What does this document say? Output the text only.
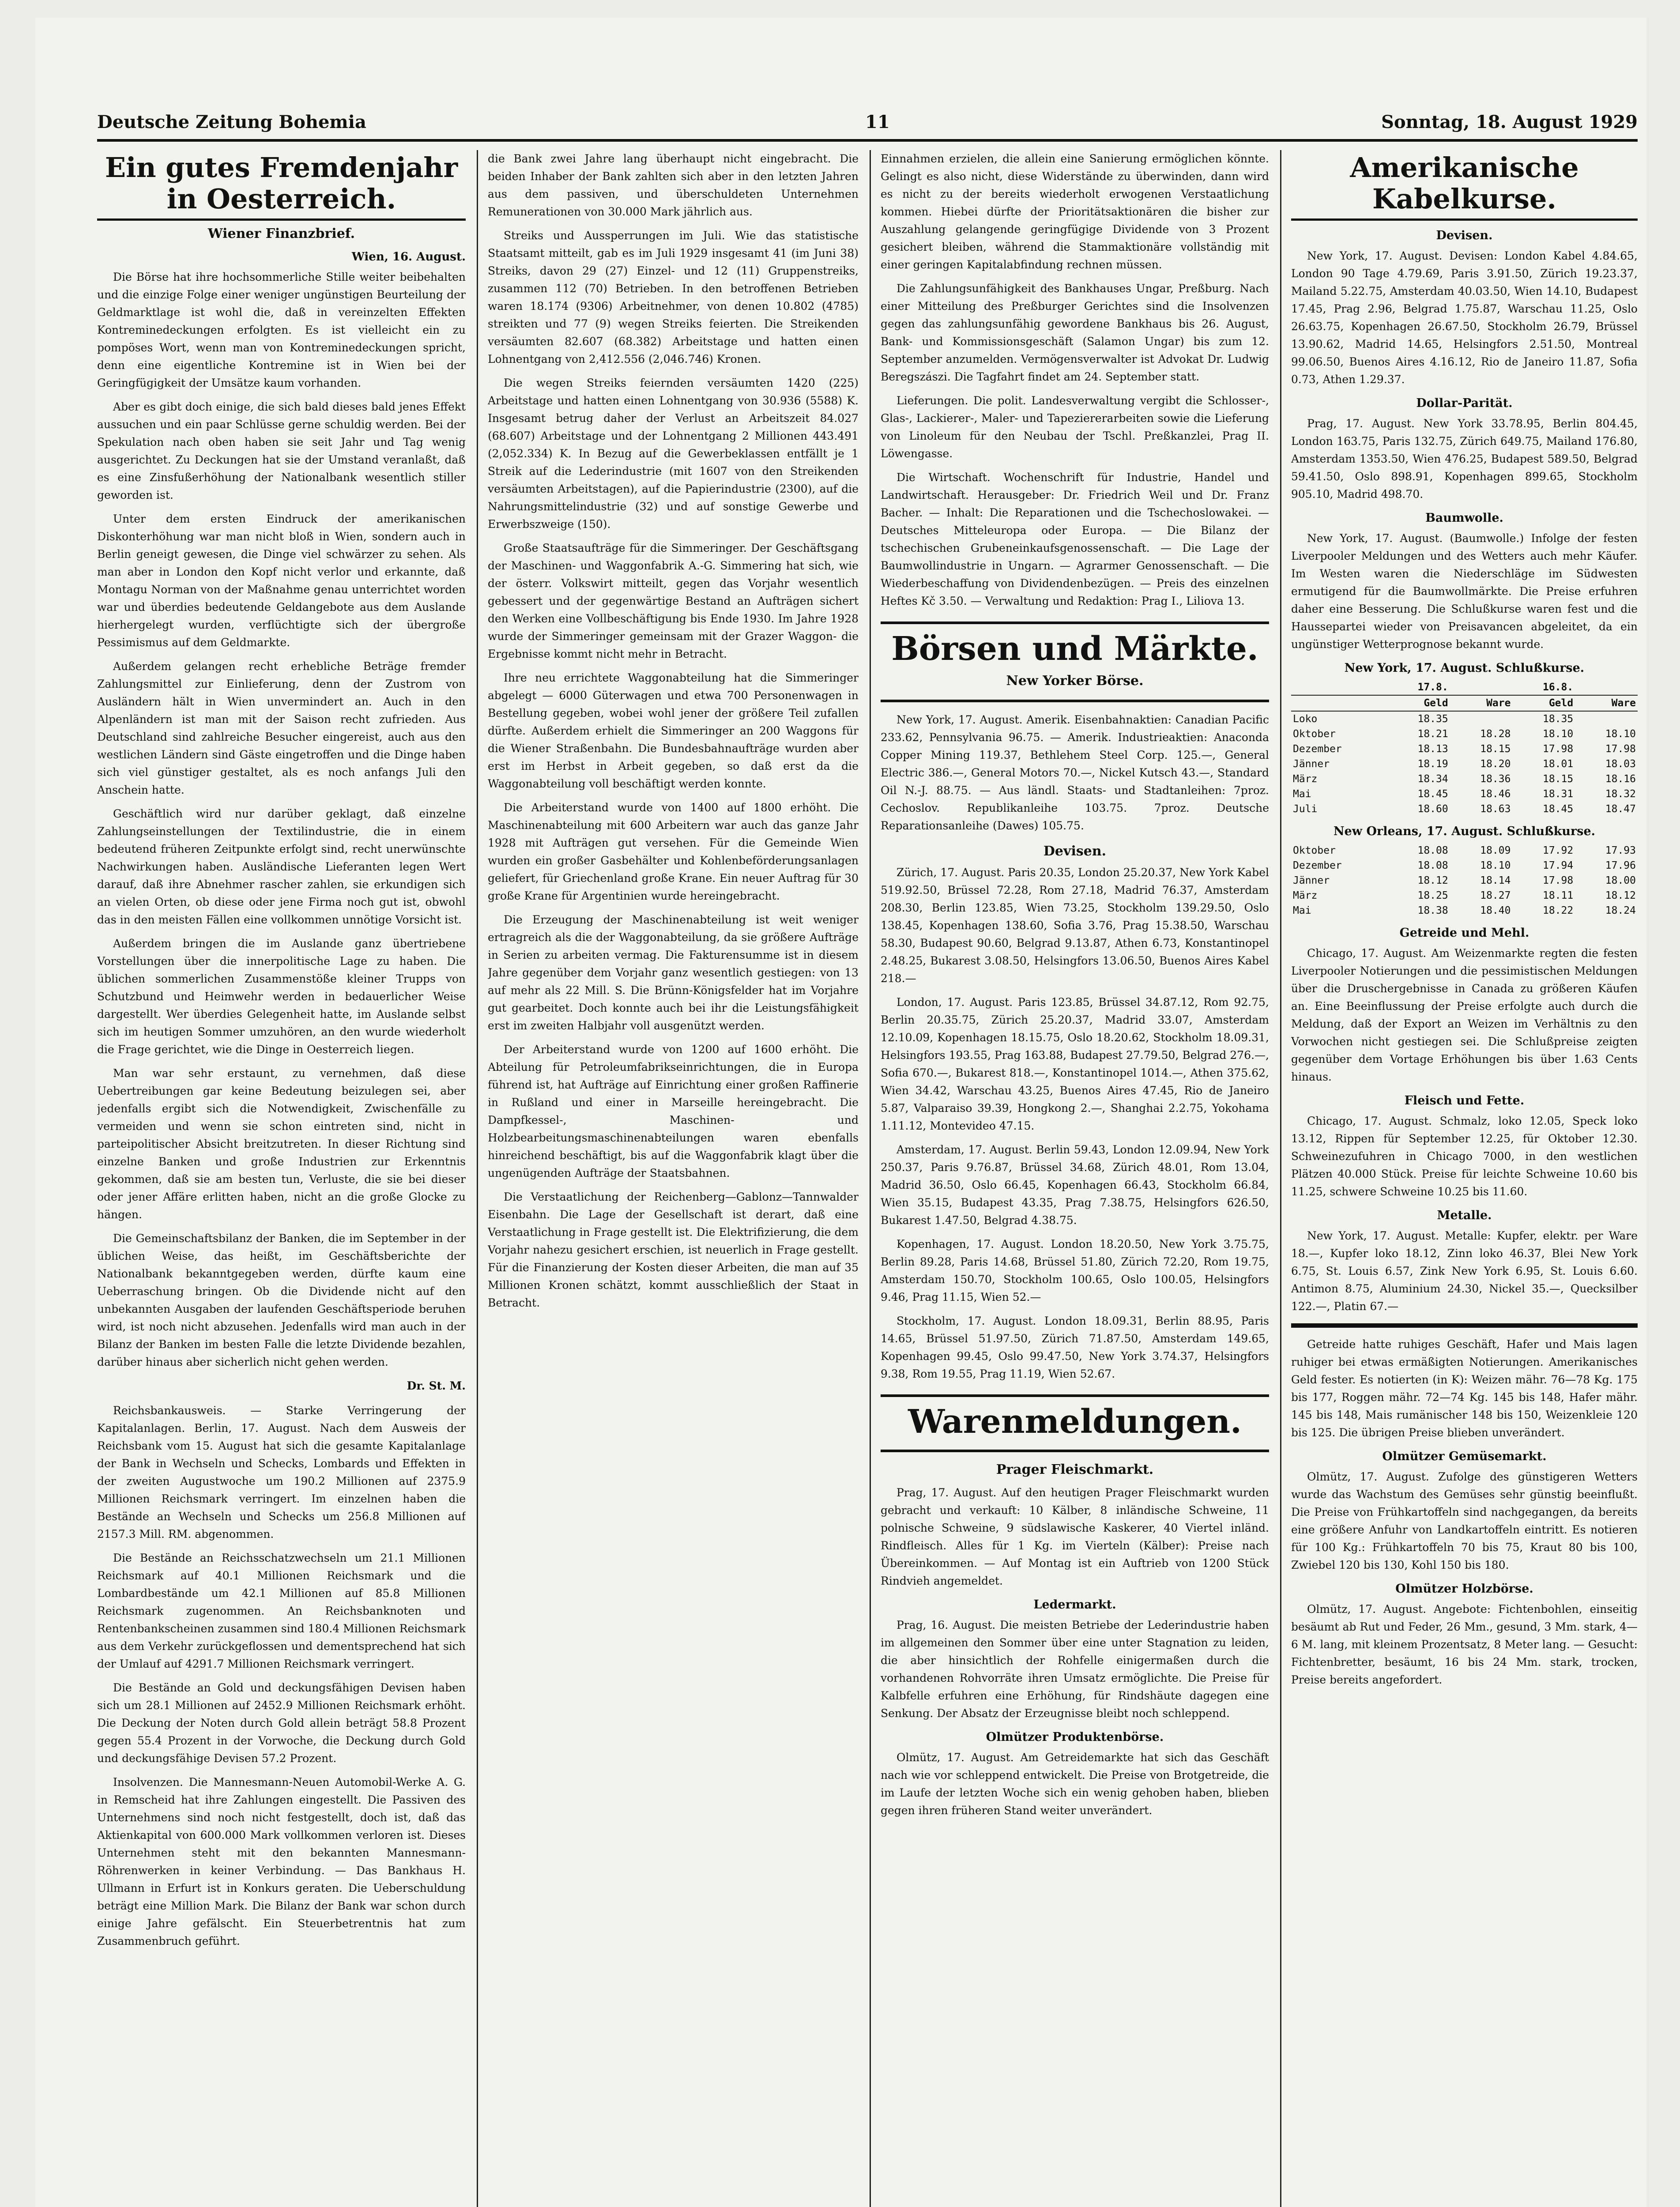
Deutsche Zeitung Bohemia	11	Sonntag, 18. August 1929
Ein gutes Fremdenjahr in Oesterreich.
Wiener Finanzbrief.
Wien, 16. August.

Die Börse hat ihre hochsommerliche Stille weiter beibehalten und die einzige Folge einer weniger ungünstigen Beurteilung der Geldmarktlage ist wohl die, daß in vereinzelten Effekten Kontreminedeckungen erfolgten. Es ist vielleicht ein zu pompöses Wort, wenn man von Kontreminedeckungen spricht, denn eine eigentliche Kontremine ist in Wien bei der Geringfügigkeit der Umsätze kaum vorhanden.

Aber es gibt doch einige, die sich bald dieses bald jenes Effekt aussuchen und ein paar Schlüsse gerne schuldig werden. Bei der Spekulation nach oben haben sie seit Jahr und Tag wenig ausgerichtet. Zu Deckungen hat sie der Umstand veranlaßt, daß es eine Zinsfußerhöhung der Nationalbank wesentlich stiller geworden ist.

Unter dem ersten Eindruck der amerikanischen Diskonterhöhung war man nicht bloß in Wien, sondern auch in Berlin geneigt gewesen, die Dinge viel schwärzer zu sehen. Als man aber in London den Kopf nicht verlor und erkannte, daß Montagu Norman von der Maßnahme genau unterrichtet worden war und überdies bedeutende Geldangebote aus dem Auslande hierhergelegt wurden, verflüchtigte sich der übergroße Pessimismus auf dem Geldmarkte.

Außerdem gelangen recht erhebliche Beträge fremder Zahlungsmittel zur Einlieferung, denn der Zustrom von Ausländern hält in Wien unvermindert an. Auch in den Alpenländern ist man mit der Saison recht zufrieden. Aus Deutschland sind zahlreiche Besucher eingereist, auch aus den westlichen Ländern sind Gäste eingetroffen und die Dinge haben sich viel günstiger gestaltet, als es noch anfangs Juli den Anschein hatte.

Geschäftlich wird nur darüber geklagt, daß einzelne Zahlungseinstellungen der Textilindustrie, die in einem bedeutend früheren Zeitpunkte erfolgt sind, recht unerwünschte Nachwirkungen haben. Ausländische Lieferanten legen Wert darauf, daß ihre Abnehmer rascher zahlen, sie erkundigen sich an vielen Orten, ob diese oder jene Firma noch gut ist, obwohl das in den meisten Fällen eine vollkommen unnötige Vorsicht ist.

Außerdem bringen die im Auslande ganz übertriebene Vorstellungen über die innerpolitische Lage zu haben. Die üblichen sommerlichen Zusammenstöße kleiner Trupps von Schutzbund und Heimwehr werden in bedauerlicher Weise dargestellt. Wer überdies Gelegenheit hatte, im Auslande selbst sich im heutigen Sommer umzuhören, an den wurde wiederholt die Frage gerichtet, wie die Dinge in Oesterreich liegen.

Man war sehr erstaunt, zu vernehmen, daß diese Uebertreibungen gar keine Bedeutung beizulegen sei, aber jedenfalls ergibt sich die Notwendigkeit, Zwischenfälle zu vermeiden und wenn sie schon eintreten sind, nicht in parteipolitischer Absicht breitzutreten. In dieser Richtung sind einzelne Banken und große Industrien zur Erkenntnis gekommen, daß sie am besten tun, Verluste, die sie bei dieser oder jener Affäre erlitten haben, nicht an die große Glocke zu hängen.

Die Gemeinschaftsbilanz der Banken, die im September in der üblichen Weise, das heißt, im Geschäftsberichte der Nationalbank bekanntgegeben werden, dürfte kaum eine Ueberraschung bringen. Ob die Dividende nicht auf den unbekannten Ausgaben der laufenden Geschäftsperiode beruhen wird, ist noch nicht abzusehen. Jedenfalls wird man auch in der Bilanz der Banken im besten Falle die letzte Dividende bezahlen, darüber hinaus aber sicherlich nicht gehen werden.

Dr. St. M.

Reichsbankausweis. — Starke Verringerung der Kapitalanlagen. Berlin, 17. August. Nach dem Ausweis der Reichsbank vom 15. August hat sich die gesamte Kapitalanlage der Bank in Wechseln und Schecks, Lombards und Effekten in der zweiten Augustwoche um 190.2 Millionen auf 2375.9 Millionen Reichsmark verringert. Im einzelnen haben die Bestände an Wechseln und Schecks um 256.8 Millionen auf 2157.3 Mill. RM. abgenommen.

Die Bestände an Reichsschatzwechseln um 21.1 Millionen Reichsmark auf 40.1 Millionen Reichsmark und die Lombardbestände um 42.1 Millionen auf 85.8 Millionen Reichsmark zugenommen. An Reichsbanknoten und Rentenbankscheinen zusammen sind 180.4 Millionen Reichsmark aus dem Verkehr zurückgeflossen und dementsprechend hat sich der Umlauf auf 4291.7 Millionen Reichsmark verringert.

Die Bestände an Gold und deckungsfähigen Devisen haben sich um 28.1 Millionen auf 2452.9 Millionen Reichsmark erhöht. Die Deckung der Noten durch Gold allein beträgt 58.8 Prozent gegen 55.4 Prozent in der Vorwoche, die Deckung durch Gold und deckungsfähige Devisen 57.2 Prozent.

Insolvenzen. Die Mannesmann-Neuen Automobil-Werke A. G. in Remscheid hat ihre Zahlungen eingestellt. Die Passiven des Unternehmens sind noch nicht festgestellt, doch ist, daß das Aktienkapital von 600.000 Mark vollkommen verloren ist. Dieses Unternehmen steht mit den bekannten Mannesmann-Röhrenwerken in keiner Verbindung. — Das Bankhaus H. Ullmann in Erfurt ist in Konkurs geraten. Die Ueberschuldung beträgt eine Million Mark. Die Bilanz der Bank war schon durch einige Jahre gefälscht. Ein Steuerbetrentnis hat zum Zusammenbruch geführt.

die Bank zwei Jahre lang überhaupt nicht eingebracht. Die beiden Inhaber der Bank zahlten sich aber in den letzten Jahren aus dem passiven, und überschuldeten Unternehmen Remunerationen von 30.000 Mark jährlich aus.

Streiks und Aussperrungen im Juli. Wie das statistische Staatsamt mitteilt, gab es im Juli 1929 insgesamt 41 (im Juni 38) Streiks, davon 29 (27) Einzel- und 12 (11) Gruppenstreiks, zusammen 112 (70) Betrieben. In den betroffenen Betrieben waren 18.174 (9306) Arbeitnehmer, von denen 10.802 (4785) streikten und 77 (9) wegen Streiks feierten. Die Streikenden versäumten 82.607 (68.382) Arbeitstage und hatten einen Lohnentgang von 2,412.556 (2,046.746) Kronen.

Die wegen Streiks feiernden versäumten 1420 (225) Arbeitstage und hatten einen Lohnentgang von 30.936 (5588) K. Insgesamt betrug daher der Verlust an Arbeitszeit 84.027 (68.607) Arbeitstage und der Lohnentgang 2 Millionen 443.491 (2,052.334) K. In Bezug auf die Gewerbeklassen entfällt je 1 Streik auf die Lederindustrie (mit 1607 von den Streikenden versäumten Arbeitstagen), auf die Papierindustrie (2300), auf die Nahrungsmittelindustrie (32) und auf sonstige Gewerbe und Erwerbszweige (150).

Große Staatsaufträge für die Simmeringer. Der Geschäftsgang der Maschinen- und Waggonfabrik A.-G. Simmering hat sich, wie der österr. Volkswirt mitteilt, gegen das Vorjahr wesentlich gebessert und der gegenwärtige Bestand an Aufträgen sichert den Werken eine Vollbeschäftigung bis Ende 1930. Im Jahre 1928 wurde der Simmeringer gemeinsam mit der Grazer Waggon- die Ergebnisse kommt nicht mehr in Betracht.

Ihre neu errichtete Waggonabteilung hat die Simmeringer abgelegt — 6000 Güterwagen und etwa 700 Personenwagen in Bestellung gegeben, wobei wohl jener der größere Teil zufallen dürfte. Außerdem erhielt die Simmeringer an 200 Waggons für die Wiener Straßenbahn. Die Bundesbahnaufträge wurden aber erst im Herbst in Arbeit gegeben, so daß erst da die Waggonabteilung voll beschäftigt werden konnte.

Die Arbeiterstand wurde von 1400 auf 1800 erhöht. Die Maschinenabteilung mit 600 Arbeitern war auch das ganze Jahr 1928 mit Aufträgen gut versehen. Für die Gemeinde Wien wurden ein großer Gasbehälter und Kohlenbeförderungsanlagen geliefert, für Griechenland große Krane. Ein neuer Auftrag für 30 große Krane für Argentinien wurde hereingebracht.

Die Erzeugung der Maschinenabteilung ist weit weniger ertragreich als die der Waggonabteilung, da sie größere Aufträge in Serien zu arbeiten vermag. Die Fakturensumme ist in diesem Jahre gegenüber dem Vorjahr ganz wesentlich gestiegen: von 13 auf mehr als 22 Mill. S. Die Brünn-Königsfelder hat im Vorjahre gut gearbeitet. Doch konnte auch bei ihr die Leistungsfähigkeit erst im zweiten Halbjahr voll ausgenützt werden.

Der Arbeiterstand wurde von 1200 auf 1600 erhöht. Die Abteilung für Petroleumfabrikseinrichtungen, die in Europa führend ist, hat Aufträge auf Einrichtung einer großen Raffinerie in Rußland und einer in Marseille hereingebracht. Die Dampfkessel-, Maschinen- und Holzbearbeitungsmaschinenabteilungen waren ebenfalls hinreichend beschäftigt, bis auf die Waggonfabrik klagt über die ungenügenden Aufträge der Staatsbahnen.

Die Verstaatlichung der Reichenberg—Gablonz—Tannwalder Eisenbahn. Die Lage der Gesellschaft ist derart, daß eine Verstaatlichung in Frage gestellt ist. Die Elektrifizierung, die dem Vorjahr nahezu gesichert erschien, ist neuerlich in Frage gestellt. Für die Finanzierung der Kosten dieser Arbeiten, die man auf 35 Millionen Kronen schätzt, kommt ausschließlich der Staat in Betracht.

Einnahmen erzielen, die allein eine Sanierung ermöglichen könnte. Gelingt es also nicht, diese Widerstände zu überwinden, dann wird es nicht zu der bereits wiederholt erwogenen Verstaatlichung kommen. Hiebei dürfte der Prioritätsaktionären die bisher zur Auszahlung gelangende geringfügige Dividende von 3 Prozent gesichert bleiben, während die Stammaktionäre vollständig mit einer geringen Kapitalabfindung rechnen müssen.

Die Zahlungsunfähigkeit des Bankhauses Ungar, Preßburg. Nach einer Mitteilung des Preßburger Gerichtes sind die Insolvenzen gegen das zahlungsunfähig gewordene Bankhaus bis 26. August, Bank- und Kommissionsgeschäft (Salamon Ungar) bis zum 12. September anzumelden. Vermögensverwalter ist Advokat Dr. Ludwig Beregszászi. Die Tagfahrt findet am 24. September statt.

Lieferungen. Die polit. Landesverwaltung vergibt die Schlosser-, Glas-, Lackierer-, Maler- und Tapeziererarbeiten sowie die Lieferung von Linoleum für den Neubau der Tschl. Preßkanzlei, Prag II. Löwengasse.

Die Wirtschaft. Wochenschrift für Industrie, Handel und Landwirtschaft. Herausgeber: Dr. Friedrich Weil und Dr. Franz Bacher. — Inhalt: Die Reparationen und die Tschechoslowakei. — Deutsches Mitteleuropa oder Europa. — Die Bilanz der tschechischen Grubeneinkaufsgenossenschaft. — Die Lage der Baumwollindustrie in Ungarn. — Agrarmer Genossenschaft. — Die Wiederbeschaffung von Dividendenbezügen. — Preis des einzelnen Heftes Kč 3.50. — Verwaltung und Redaktion: Prag I., Liliova 13.

Börsen und Märkte.
New Yorker Börse.

New York, 17. August. Amerik. Eisenbahnaktien: Canadian Pacific 233.62, Pennsylvania 96.75. — Amerik. Industrieaktien: Anaconda Copper Mining 119.37, Bethlehem Steel Corp. 125.—, General Electric 386.—, General Motors 70.—, Nickel Kutsch 43.—, Standard Oil N.-J. 88.75. — Aus ländl. Staats- und Stadtanleihen: 7proz. Cechoslov. Republikanleihe 103.75. 7proz. Deutsche Reparationsanleihe (Dawes) 105.75.

Devisen.

Zürich, 17. August. Paris 20.35, London 25.20.37, New York Kabel 519.92.50, Brüssel 72.28, Rom 27.18, Madrid 76.37, Amsterdam 208.30, Berlin 123.85, Wien 73.25, Stockholm 139.29.50, Oslo 138.45, Kopenhagen 138.60, Sofia 3.76, Prag 15.38.50, Warschau 58.30, Budapest 90.60, Belgrad 9.13.87, Athen 6.73, Konstantinopel 2.48.25, Bukarest 3.08.50, Helsingfors 13.06.50, Buenos Aires Kabel 218.—

London, 17. August. Paris 123.85, Brüssel 34.87.12, Rom 92.75, Berlin 20.35.75, Zürich 25.20.37, Madrid 33.07, Amsterdam 12.10.09, Kopenhagen 18.15.75, Oslo 18.20.62, Stockholm 18.09.31, Helsingfors 193.55, Prag 163.88, Budapest 27.79.50, Belgrad 276.—, Sofia 670.—, Bukarest 818.—, Konstantinopel 1014.—, Athen 375.62, Wien 34.42, Warschau 43.25, Buenos Aires 47.45, Rio de Janeiro 5.87, Valparaiso 39.39, Hongkong 2.—, Shanghai 2.2.75, Yokohama 1.11.12, Montevideo 47.15.

Amsterdam, 17. August. Berlin 59.43, London 12.09.94, New York 250.37, Paris 9.76.87, Brüssel 34.68, Zürich 48.01, Rom 13.04, Madrid 36.50, Oslo 66.45, Kopenhagen 66.43, Stockholm 66.84, Wien 35.15, Budapest 43.35, Prag 7.38.75, Helsingfors 626.50, Bukarest 1.47.50, Belgrad 4.38.75.

Kopenhagen, 17. August. London 18.20.50, New York 3.75.75, Berlin 89.28, Paris 14.68, Brüssel 51.80, Zürich 72.20, Rom 19.75, Amsterdam 150.70, Stockholm 100.65, Oslo 100.05, Helsingfors 9.46, Prag 11.15, Wien 52.—

Stockholm, 17. August. London 18.09.31, Berlin 88.95, Paris 14.65, Brüssel 51.97.50, Zürich 71.87.50, Amsterdam 149.65, Kopenhagen 99.45, Oslo 99.47.50, New York 3.74.37, Helsingfors 9.38, Rom 19.55, Prag 11.19, Wien 52.67.

Warenmeldungen.
Prager Fleischmarkt.

Prag, 17. August. Auf den heutigen Prager Fleischmarkt wurden gebracht und verkauft: 10 Kälber, 8 inländische Schweine, 11 polnische Schweine, 9 südslawische Kaskerer, 40 Viertel inländ. Rindfleisch. Alles für 1 Kg. im Vierteln (Kälber): Preise nach Übereinkommen. — Auf Montag ist ein Auftrieb von 1200 Stück Rindvieh angemeldet.

Ledermarkt.

Prag, 16. August. Die meisten Betriebe der Lederindustrie haben im allgemeinen den Sommer über eine unter Stagnation zu leiden, die aber hinsichtlich der Rohfelle einigermaßen durch die vorhandenen Rohvorräte ihren Umsatz ermöglichte. Die Preise für Kalbfelle erfuhren eine Erhöhung, für Rindshäute dagegen eine Senkung. Der Absatz der Erzeugnisse bleibt noch schleppend.

Olmützer Produktenbörse.

Olmütz, 17. August. Am Getreidemarkte hat sich das Geschäft nach wie vor schleppend entwickelt. Die Preise von Brotgetreide, die im Laufe der letzten Woche sich ein wenig gehoben haben, blieben gegen ihren früheren Stand weiter unverändert.

Amerikanische Kabelkurse.
Devisen.

New York, 17. August. Devisen: London Kabel 4.84.65, London 90 Tage 4.79.69, Paris 3.91.50, Zürich 19.23.37, Mailand 5.22.75, Amsterdam 40.03.50, Wien 14.10, Budapest 17.45, Prag 2.96, Belgrad 1.75.87, Warschau 11.25, Oslo 26.63.75, Kopenhagen 26.67.50, Stockholm 26.79, Brüssel 13.90.62, Madrid 14.65, Helsingfors 2.51.50, Montreal 99.06.50, Buenos Aires 4.16.12, Rio de Janeiro 11.87, Sofia 0.73, Athen 1.29.37.

Dollar-Parität.

Prag, 17. August. New York 33.78.95, Berlin 804.45, London 163.75, Paris 132.75, Zürich 649.75, Mailand 176.80, Amsterdam 1353.50, Wien 476.25, Budapest 589.50, Belgrad 59.41.50, Oslo 898.91, Kopenhagen 899.65, Stockholm 905.10, Madrid 498.70.

Baumwolle.

New York, 17. August. (Baumwolle.) Infolge der festen Liverpooler Meldungen und des Wetters auch mehr Käufer. Im Westen waren die Niederschläge im Südwesten ermutigend für die Baumwollmärkte. Die Preise erfuhren daher eine Besserung. Die Schlußkurse waren fest und die Haussepartei wieder von Preisavancen abgeleitet, da ein ungünstiger Wetterprognose bekannt wurde.

New York, 17. August. Schlußkurse.
	17.8.		16.8.	
	Geld	Ware	Geld	Ware
Loko	18.35		18.35	
Oktober	18.21	18.28	18.10	18.10
Dezember	18.13	18.15	17.98	17.98
Jänner	18.19	18.20	18.01	18.03
März	18.34	18.36	18.15	18.16
Mai	18.45	18.46	18.31	18.32
Juli	18.60	18.63	18.45	18.47
New Orleans, 17. August. Schlußkurse.
Oktober	18.08	18.09	17.92	17.93
Dezember	18.08	18.10	17.94	17.96
Jänner	18.12	18.14	17.98	18.00
März	18.25	18.27	18.11	18.12
Mai	18.38	18.40	18.22	18.24
Getreide und Mehl.

Chicago, 17. August. Am Weizenmarkte regten die festen Liverpooler Notierungen und die pessimistischen Meldungen über die Druschergebnisse in Canada zu größeren Käufen an. Eine Beeinflussung der Preise erfolgte auch durch die Meldung, daß der Export an Weizen im Verhältnis zu den Vorwochen nicht gestiegen sei. Die Schlußpreise zeigten gegenüber dem Vortage Erhöhungen bis über 1.63 Cents hinaus.

Fleisch und Fette.

Chicago, 17. August. Schmalz, loko 12.05, Speck loko 13.12, Rippen für September 12.25, für Oktober 12.30. Schweinezufuhren in Chicago 7000, in den westlichen Plätzen 40.000 Stück. Preise für leichte Schweine 10.60 bis 11.25, schwere Schweine 10.25 bis 11.60.

Metalle.

New York, 17. August. Metalle: Kupfer, elektr. per Ware 18.—, Kupfer loko 18.12, Zinn loko 46.37, Blei New York 6.75, St. Louis 6.57, Zink New York 6.95, St. Louis 6.60. Antimon 8.75, Aluminium 24.30, Nickel 35.—, Quecksilber 122.—, Platin 67.—

Getreide hatte ruhiges Geschäft, Hafer und Mais lagen ruhiger bei etwas ermäßigten Notierungen. Amerikanisches Geld fester. Es notierten (in K): Weizen mähr. 76—78 Kg. 175 bis 177, Roggen mähr. 72—74 Kg. 145 bis 148, Hafer mähr. 145 bis 148, Mais rumänischer 148 bis 150, Weizenkleie 120 bis 125. Die übrigen Preise blieben unverändert.

Olmützer Gemüsemarkt.

Olmütz, 17. August. Zufolge des günstigeren Wetters wurde das Wachstum des Gemüses sehr günstig beeinflußt. Die Preise von Frühkartoffeln sind nachgegangen, da bereits eine größere Anfuhr von Landkartoffeln eintritt. Es notieren für 100 Kg.: Frühkartoffeln 70 bis 75, Kraut 80 bis 100, Zwiebel 120 bis 130, Kohl 150 bis 180.

Olmützer Holzbörse.

Olmütz, 17. August. Angebote: Fichtenbohlen, einseitig besäumt ab Rut und Feder, 26 Mm., gesund, 3 Mm. stark, 4—6 M. lang, mit kleinem Prozentsatz, 8 Meter lang. — Gesucht: Fichtenbretter, besäumt, 16 bis 24 Mm. stark, trocken, Preise bereits angefordert.
